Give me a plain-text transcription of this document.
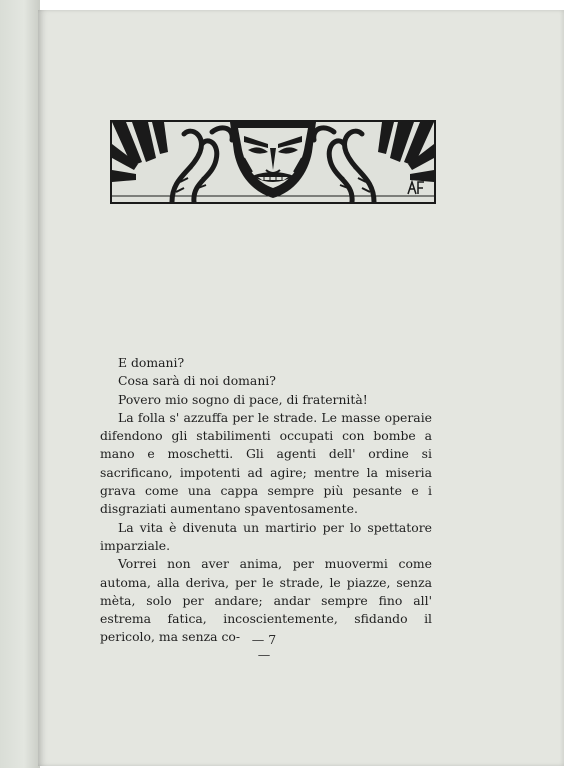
E domani?

Cosa sarà di noi domani?

Povero mio sogno di pace, di fraternità!

La folla s' azzuffa per le strade. Le masse operaie difendono gli stabilimenti occupati con bombe a mano e moschetti. Gli agenti dell' ordine si sacrificano, impotenti ad agire; mentre la miseria grava come una cappa sempre più pesante e i disgraziati aumentano spaventosamente.

La vita è divenuta un martirio per lo spettatore imparziale.

Vorrei non aver anima, per muovermi come automa, alla deriva, per le strade, le piazze, senza mèta, solo per andare; andar sempre fino all' estrema fatica, incoscientemente, sfidando il pericolo, ma senza co- — 7 —
